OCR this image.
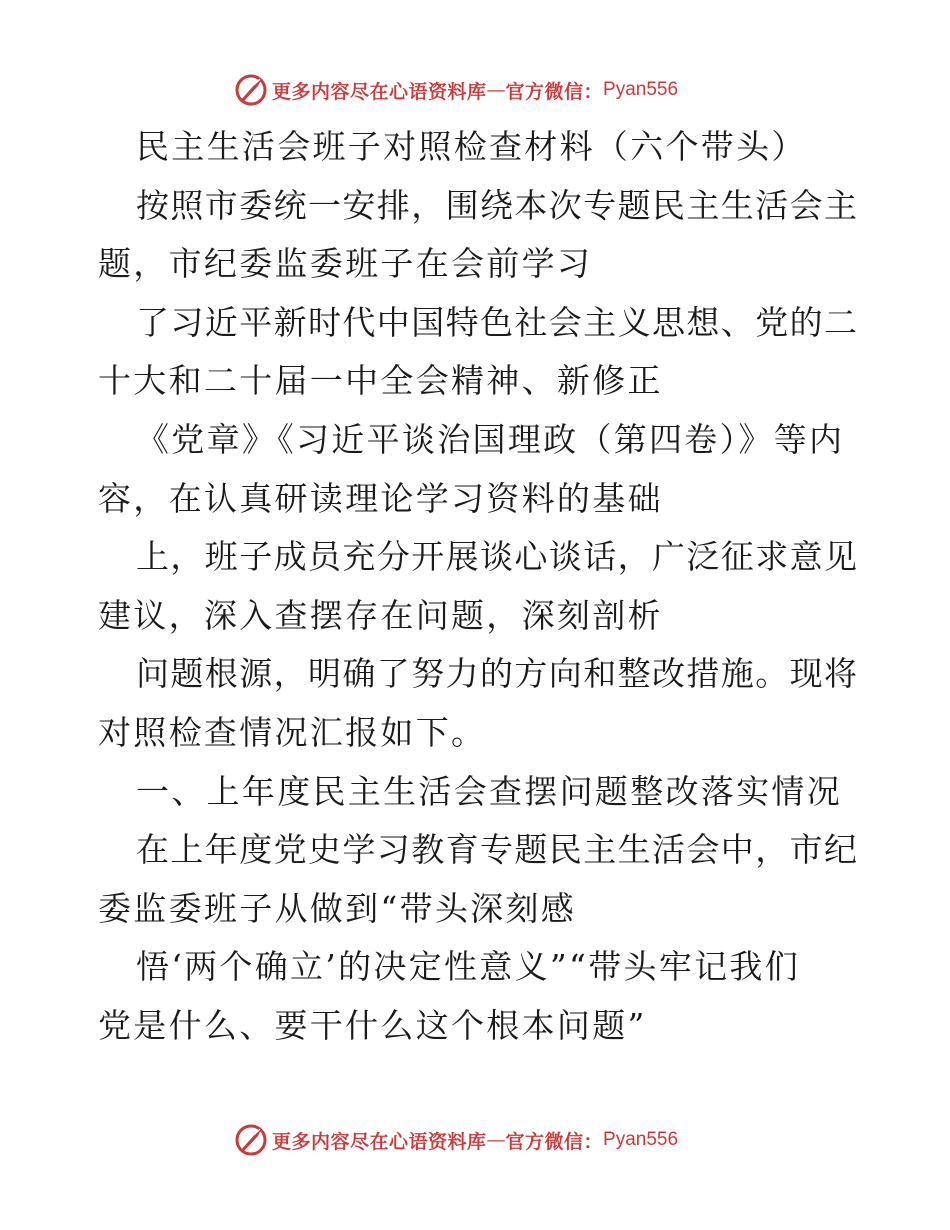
更多内容尽在心语资料库 — 官方微信： Pyan556
民主生活会班子对照检查材料（六个带头）
按照市委统一安排，围绕本次专题民主生活会主
题，市纪委监委班子在会前学习
了习近平新时代中国特色社会主义思想、党的二
十大和二十届一中全会精神、新修正
《党章》《习近平谈治国理政（第四卷）》等内
容，在认真研读理论学习资料的基础
上，班子成员充分开展谈心谈话，广泛征求意见
建议，深入查摆存在问题，深刻剖析
问题根源，明确了努力的方向和整改措施。现将
对照检查情况汇报如下。
一、上年度民主生活会查摆问题整改落实情况
在上年度党史学习教育专题民主生活会中，市纪
委监委班子从做到“带头深刻感
悟‘两个确立’的决定性意义”“带头牢记我们
党是什么、要干什么这个根本问题”
更多内容尽在心语资料库 — 官方微信： Pyan556
